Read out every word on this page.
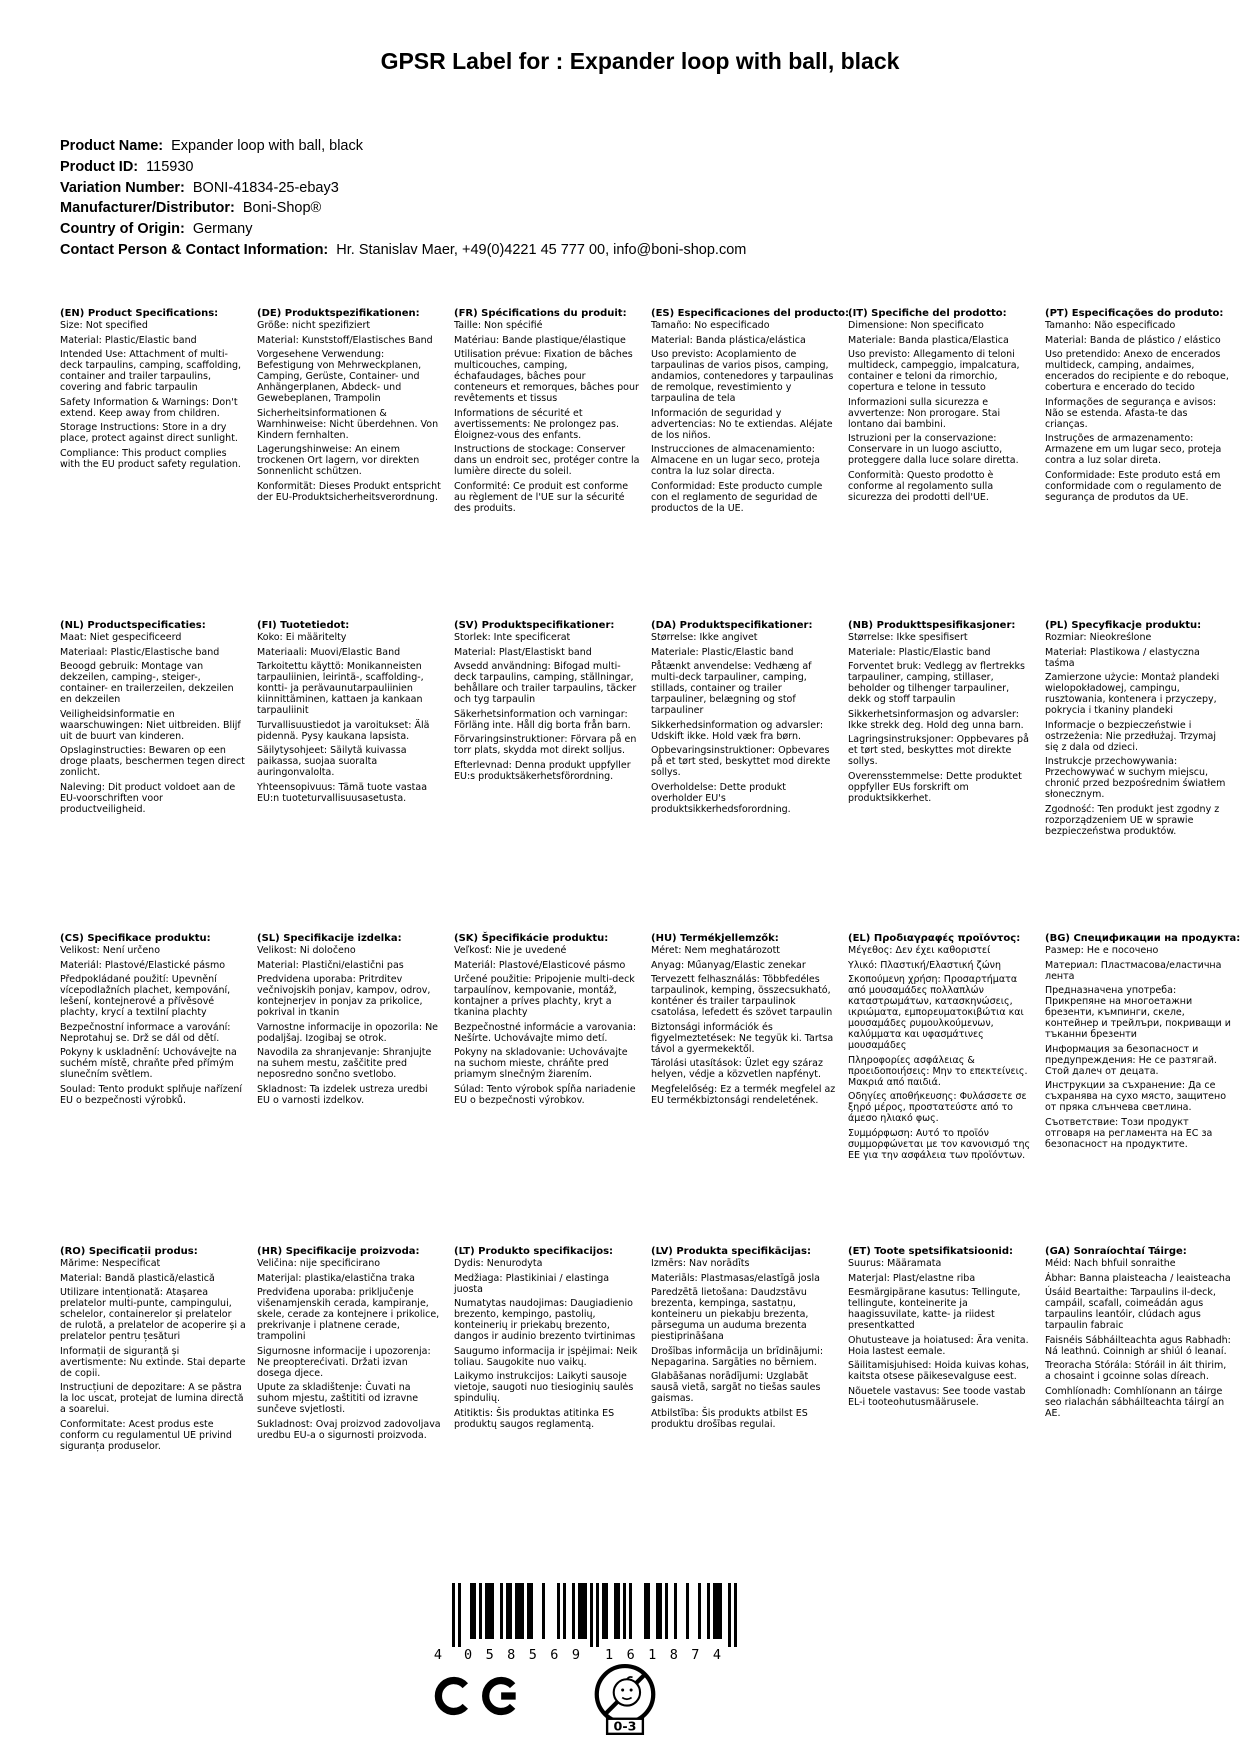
GPSR Label for : Expander loop with ball, black
Product Name: Expander loop with ball, black
Product ID: 115930
Variation Number: BONI-41834-25-ebay3
Manufacturer/Distributor: Boni-Shop®
Country of Origin: Germany
Contact Person & Contact Information: Hr. Stanislav Maer, +49(0)4221 45 777 00, info@boni-shop.com
(EN) Product Specifications:

Size: Not specified

Material: Plastic/Elastic band

Intended Use: Attachment of multi-deck tarpaulins, camping, scaffolding, container and trailer tarpaulins, covering and fabric tarpaulin

Safety Information & Warnings: Don't extend. Keep away from children.

Storage Instructions: Store in a dry place, protect against direct sunlight.

Compliance: This product complies with the EU product safety regulation.

(DE) Produktspezifikationen:

Größe: nicht spezifiziert

Material: Kunststoff/Elastisches Band

Vorgesehene Verwendung: Befestigung von Mehrweckplanen, Camping, Gerüste, Container- und Anhängerplanen, Abdeck- und Gewebeplanen, Trampolin

Sicherheitsinformationen & Warnhinweise: Nicht überdehnen. Von Kindern fernhalten.

Lagerungshinweise: An einem trockenen Ort lagern, vor direkten Sonnenlicht schützen.

Konformität: Dieses Produkt entspricht der EU-Produktsicherheitsverordnung.

(FR) Spécifications du produit:

Taille: Non spécifié

Matériau: Bande plastique/élastique

Utilisation prévue: Fixation de bâches multicouches, camping, échafaudages, bâches pour conteneurs et remorques, bâches pour revêtements et tissus

Informations de sécurité et avertissements: Ne prolongez pas. Éloignez-vous des enfants.

Instructions de stockage: Conserver dans un endroit sec, protéger contre la lumière directe du soleil.

Conformité: Ce produit est conforme au règlement de l'UE sur la sécurité des produits.

(ES) Especificaciones del producto:

Tamaño: No especificado

Material: Banda plástica/elástica

Uso previsto: Acoplamiento de tarpaulinas de varios pisos, camping, andamios, contenedores y tarpaulinas de remolque, revestimiento y tarpaulina de tela

Información de seguridad y advertencias: No te extiendas. Aléjate de los niños.

Instrucciones de almacenamiento: Almacene en un lugar seco, proteja contra la luz solar directa.

Conformidad: Este producto cumple con el reglamento de seguridad de productos de la UE.

(IT) Specifiche del prodotto:

Dimensione: Non specificato

Materiale: Banda plastica/Elastica

Uso previsto: Allegamento di teloni multideck, campeggio, impalcatura, container e teloni da rimorchio, copertura e telone in tessuto

Informazioni sulla sicurezza e avvertenze: Non prorogare. Stai lontano dai bambini.

Istruzioni per la conservazione: Conservare in un luogo asciutto, proteggere dalla luce solare diretta.

Conformità: Questo prodotto è conforme al regolamento sulla sicurezza dei prodotti dell'UE.

(PT) Especificações do produto:

Tamanho: Não especificado

Material: Banda de plástico / elástico

Uso pretendido: Anexo de encerados multideck, camping, andaimes, encerados do recipiente e do reboque, cobertura e encerado do tecido

Informações de segurança e avisos: Não se estenda. Afasta-te das crianças.

Instruções de armazenamento: Armazene em um lugar seco, proteja contra a luz solar direta.

Conformidade: Este produto está em conformidade com o regulamento de segurança de produtos da UE.

(NL) Productspecificaties:

Maat: Niet gespecificeerd

Materiaal: Plastic/Elastische band

Beoogd gebruik: Montage van dekzeilen, camping-, steiger-, container- en trailerzeilen, dekzeilen en dekzeilen

Veiligheidsinformatie en waarschuwingen: Niet uitbreiden. Blijf uit de buurt van kinderen.

Opslaginstructies: Bewaren op een droge plaats, beschermen tegen direct zonlicht.

Naleving: Dit product voldoet aan de EU-voorschriften voor productveiligheid.

(FI) Tuotetiedot:

Koko: Ei määritelty

Materiaali: Muovi/Elastic Band

Tarkoitettu käyttö: Monikanneisten tarpauliinien, leirintä-, scaffolding-, kontti- ja perävaunutarpauliinien kiinnittäminen, kattaen ja kankaan tarpauliinit

Turvallisuustiedot ja varoitukset: Älä pidennä. Pysy kaukana lapsista.

Säilytysohjeet: Säilytä kuivassa paikassa, suojaa suoralta auringonvalolta.

Yhteensopivuus: Tämä tuote vastaa EU:n tuoteturvallisuusasetusta.

(SV) Produktspecifikationer:

Storlek: Inte specificerat

Material: Plast/Elastiskt band

Avsedd användning: Bifogad multi-deck tarpaulins, camping, ställningar, behållare och trailer tarpaulins, täcker och tyg tarpaulin

Säkerhetsinformation och varningar: Förläng inte. Håll dig borta från barn.

Förvaringsinstruktioner: Förvara på en torr plats, skydda mot direkt solljus.

Efterlevnad: Denna produkt uppfyller EU:s produktsäkerhetsförordning.

(DA) Produktspecifikationer:

Størrelse: Ikke angivet

Materiale: Plastic/Elastic band

Påtænkt anvendelse: Vedhæng af multi-deck tarpauliner, camping, stillads, container og trailer tarpauliner, belægning og stof tarpauliner

Sikkerhedsinformation og advarsler: Udskift ikke. Hold væk fra børn.

Opbevaringsinstruktioner: Opbevares på et tørt sted, beskyttet mod direkte sollys.

Overholdelse: Dette produkt overholder EU's produktsikkerhedsforordning.

(NB) Produkttspesifikasjoner:

Størrelse: Ikke spesifisert

Materiale: Plastic/Elastic band

Forventet bruk: Vedlegg av flertrekks tarpauliner, camping, stillaser, beholder og tilhenger tarpauliner, dekk og stoff tarpaulin

Sikkerhetsinformasjon og advarsler: Ikke strekk deg. Hold deg unna barn.

Lagringsinstruksjoner: Oppbevares på et tørt sted, beskyttes mot direkte sollys.

Overensstemmelse: Dette produktet oppfyller EUs forskrift om produktsikkerhet.

(PL) Specyfikacje produktu:

Rozmiar: Nieokreślone

Materiał: Plastikowa / elastyczna taśma

Zamierzone użycie: Montaż plandeki wielopokładowej, campingu, rusztowania, kontenera i przyczepy, pokrycia i tkaniny plandeki

Informacje o bezpieczeństwie i ostrzeżenia: Nie przedłużaj. Trzymaj się z dala od dzieci.

Instrukcje przechowywania: Przechowywać w suchym miejscu, chronić przed bezpośrednim światłem słonecznym.

Zgodność: Ten produkt jest zgodny z rozporządzeniem UE w sprawie bezpieczeństwa produktów.

(CS) Specifikace produktu:

Velikost: Není určeno

Materiál: Plastové/Elastické pásmo

Předpokládané použití: Upevnění vícepodlažních plachet, kempování, lešení, kontejnerové a přívěsové plachty, krycí a textilní plachty

Bezpečnostní informace a varování: Neprotahuj se. Drž se dál od dětí.

Pokyny k uskladnění: Uchovávejte na suchém místě, chraňte před přímým slunečním světlem.

Soulad: Tento produkt splňuje nařízení EU o bezpečnosti výrobků.

(SL) Specifikacije izdelka:

Velikost: Ni določeno

Material: Plastični/elastični pas

Predvidena uporaba: Pritrditev večnivojskih ponjav, kampov, odrov, kontejnerjev in ponjav za prikolice, pokrival in tkanin

Varnostne informacije in opozorila: Ne podaljšaj. Izogibaj se otrok.

Navodila za shranjevanje: Shranjujte na suhem mestu, zaščitite pred neposredno sončno svetlobo.

Skladnost: Ta izdelek ustreza uredbi EU o varnosti izdelkov.

(SK) Špecifikácie produktu:

Veľkosť: Nie je uvedené

Materiál: Plastové/Elasticové pásmo

Určené použitie: Pripojenie multi-deck tarpaulínov, kempovanie, montáž, kontajner a príves plachty, kryt a tkanina plachty

Bezpečnostné informácie a varovania: Nešírte. Uchovávajte mimo detí.

Pokyny na skladovanie: Uchovávajte na suchom mieste, chráňte pred priamym slnečným žiarením.

Súlad: Tento výrobok spĺňa nariadenie EU o bezpečnosti výrobkov.

(HU) Termékjellemzők:

Méret: Nem meghatározott

Anyag: Műanyag/Elastic zenekar

Tervezett felhasználás: Többfedéles tarpaulinok, kemping, összecsukható, konténer és trailer tarpaulinok csatolása, lefedett és szövet tarpaulin

Biztonsági információk és figyelmeztetések: Ne tegyük ki. Tartsa távol a gyermekektől.

Tárolási utasítások: Üzlet egy száraz helyen, védje a közvetlen napfényt.

Megfelelőség: Ez a termék megfelel az EU termékbiztonsági rendeletének.

(EL) Προδιαγραφές προϊόντος:

Μέγεθος: Δεν έχει καθοριστεί

Υλικό: Πλαστική/Ελαστική ζώνη

Σκοπούμενη χρήση: Προσαρτήματα από μουσαμάδες πολλαπλών καταστρωμάτων, κατασκηνώσεις, ικριώματα, εμπορευματοκιβώτια και μουσαμάδες ρυμουλκούμενων, καλύμματα και υφασμάτινες μουσαμάδες

Πληροφορίες ασφάλειας & προειδοποιήσεις: Μην το επεκτείνεις. Μακριά από παιδιά.

Οδηγίες αποθήκευσης: Φυλάσσετε σε ξηρό μέρος, προστατεύστε από το άμεσο ηλιακό φως.

Συμμόρφωση: Αυτό το προϊόν συμμορφώνεται με τον κανονισμό της ΕΕ για την ασφάλεια των προϊόντων.

(BG) Спецификации на продукта:

Размер: Не е посочено

Материал: Пластмасова/еластична лента

Предназначена употреба: Прикрепяне на многоетажни брезенти, къмпинги, скеле, контейнер и трейлъри, покриващи и тъканни брезенти

Информация за безопасност и предупреждения: Не се разтягай. Стой далеч от децата.

Инструкции за съхранение: Да се съхранява на сухо място, защитено от пряка слънчева светлина.

Съответствие: Този продукт отговаря на регламента на ЕС за безопасност на продуктите.

(RO) Specificații produs:

Mărime: Nespecificat

Material: Bandă plastică/elastică

Utilizare intenționată: Atașarea prelatelor multi-punte, campingului, schelelor, containerelor și prelatelor de rulotă, a prelatelor de acoperire și a prelatelor pentru țesături

Informații de siguranță și avertismente: Nu extinde. Stai departe de copii.

Instrucțiuni de depozitare: A se păstra la loc uscat, protejat de lumina directă a soarelui.

Conformitate: Acest produs este conform cu regulamentul UE privind siguranța produselor.

(HR) Specifikacije proizvoda:

Veličina: nije specificirano

Materijal: plastika/elastična traka

Predviđena uporaba: priključenje višenamjenskih cerada, kampiranje, skele, cerade za kontejnere i prikolice, prekrivanje i platnene cerade, trampolini

Sigurnosne informacije i upozorenja: Ne preopterećivati. Držati izvan dosega djece.

Upute za skladištenje: Čuvati na suhom mjestu, zaštititi od izravne sunčeve svjetlosti.

Sukladnost: Ovaj proizvod zadovoljava uredbu EU-a o sigurnosti proizvoda.

(LT) Produkto specifikacijos:

Dydis: Nenurodyta

Medžiaga: Plastikiniai / elastinga juosta

Numatytas naudojimas: Daugiadienio brezento, kempingo, pastolių, konteinerių ir priekabų brezento, dangos ir audinio brezento tvirtinimas

Saugumo informacija ir įspėjimai: Neik toliau. Saugokite nuo vaikų.

Laikymo instrukcijos: Laikyti sausoje vietoje, saugoti nuo tiesioginių saulės spindulių.

Atitiktis: Šis produktas atitinka ES produktų saugos reglamentą.

(LV) Produkta specifikācijas:

Izmērs: Nav norādīts

Materiāls: Plastmasas/elastīgā josla

Paredzētā lietošana: Daudzstāvu brezenta, kempinga, sastatņu, konteineru un piekabju brezenta, pārseguma un auduma brezenta piestiprināšana

Drošības informācija un brīdinājumi: Nepagarina. Sargāties no bērniem.

Glabāšanas norādījumi: Uzglabāt sausā vietā, sargāt no tiešas saules gaismas.

Atbilstība: Šis produkts atbilst ES produktu drošības regulai.

(ET) Toote spetsifikatsioonid:

Suurus: Määramata

Materjal: Plast/elastne riba

Eesmärgipärane kasutus: Tellingute, tellingute, konteinerite ja haagissuvilate, katte- ja riidest presentkatted

Ohutusteave ja hoiatused: Ära venita. Hoia lastest eemale.

Säilitamisjuhised: Hoida kuivas kohas, kaitsta otsese päikesevalguse eest.

Nõuetele vastavus: See toode vastab EL-i tooteohutusmäärusele.

(GA) Sonraíochtaí Táirge:

Méid: Nach bhfuil sonraithe

Ábhar: Banna plaisteacha / leaisteacha

Úsáid Beartaithe: Tarpaulins il-deck, campáil, scafall, coimeádán agus tarpaulins leantóir, clúdach agus tarpaulin fabraic

Faisnéis Sábháilteachta agus Rabhadh: Ná leathnú. Coinnigh ar shiúl ó leanaí.

Treoracha Stórála: Stóráil in áit thirim, a chosaint i gcoinne solas díreach.

Comhlíonadh: Comhlíonann an táirge seo rialachán sábháilteachta táirgí an AE.

4 058569 161874
0-3
